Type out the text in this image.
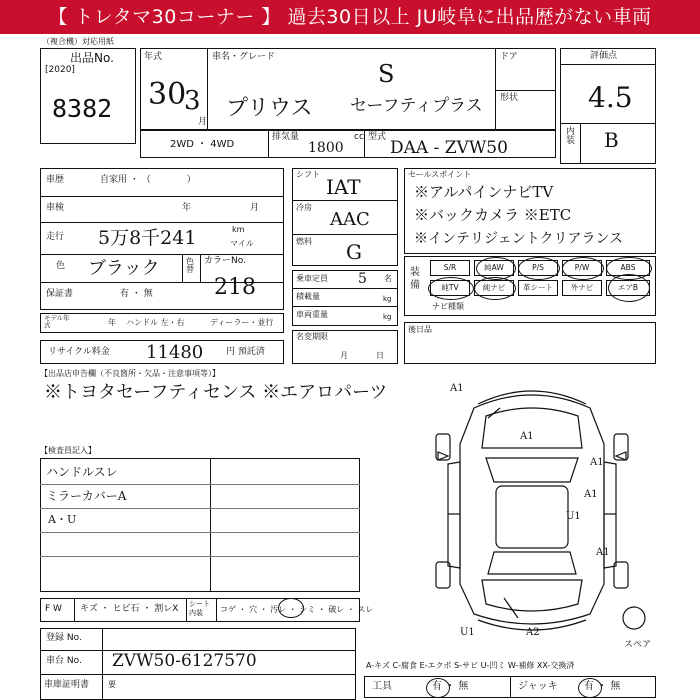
【 トレタマ30コーナー 】 過去30日以上 JU岐阜に出品歴がない車両
（複合機）対応用紙
出品No.
[2020]
8382
年式
30
3
月
車名・グレード
S
プリウス セーフティプラス
ドア
形状
評価点
4.5
内装 B
2WD ・ 4WD
排気量
1800
cc 型式
DAA - ZVW50
車歴	自家用 ・ （　　　　）
車検	年	月
走行 5万8千241	km
マイル
色 ブラック	色替
カラーNo.
218
保証書	有 ・ 無
モデル年式	年 ハンドル 左・右	ディーラー・並行
リサイクル料金 11480	円 預託済
シフト
IAT
冷房
AAC
燃料 G
乗車定員 5 名
積載量	kg
車両重量	kg
名変期限
月日
セールスポイント
※アルパインナビTV
※バックカメラ ※ETC
※インテリジェントクリアランス
装備
S/R	純AW	P/S	P/W	ABS
純TV	純ナビ	革シート	外ナビ	エアB
ナビ種類
後日品
【出品店申告欄（不良箇所・欠品・注意事項等）】
※トヨタセーフティセンス ※エアロパーツ
【検査員記入】
ハンドルスレ
ミラーカバーA
A・U
A1
A1
A1
A1
U1
A1
U1	A2
スペア
F W キズ ・ ヒビ石 ・ 割レX シート内装	コゲ ・ 穴 ・ 汚レ ・ シミ ・ 破レ ・ スレ
登録 No.
車台 No. ZVW50-6127570
車庫証明書 要
A-キズ C-腐食 E-エクボ S-サビ U-凹ミ W-補修 XX-交換済
工具	有 ・ 無	ジャッキ	有 ・ 無
